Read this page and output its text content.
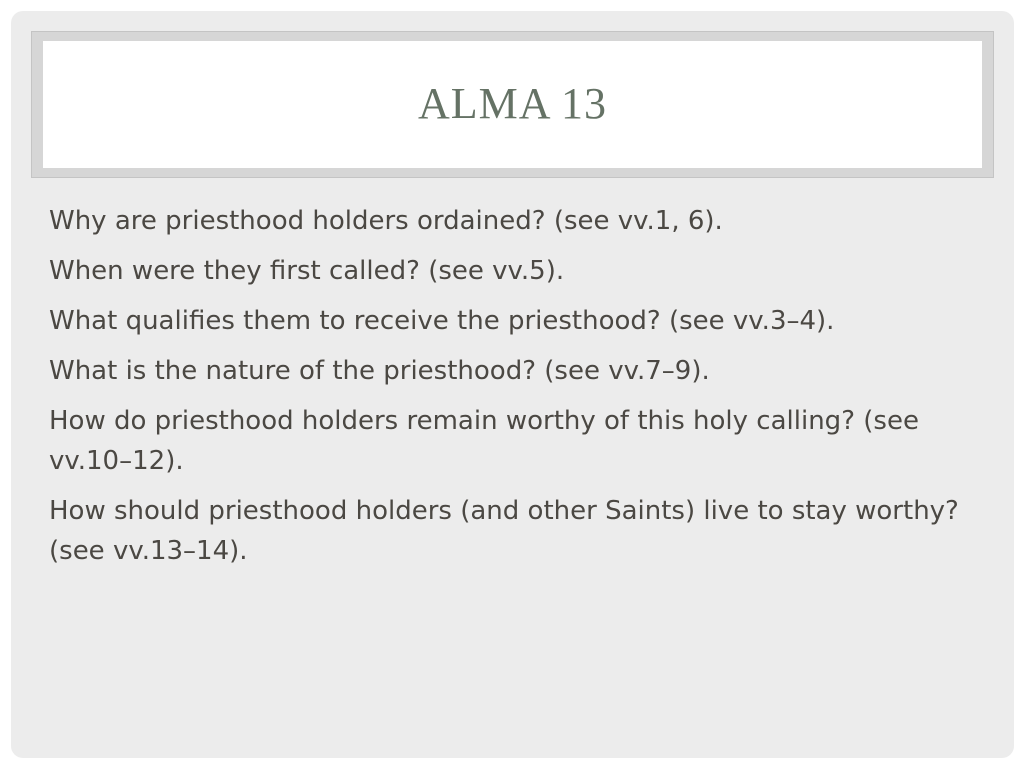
ALMA 13
Why are priesthood holders ordained? (see vv.1, 6).
When were they first called? (see vv.5).
What qualifies them to receive the priesthood? (see vv.3–4).
What is the nature of the priesthood? (see vv.7–9).
How do priesthood holders remain worthy of this holy calling? (see vv.10–12).
How should priesthood holders (and other Saints) live to stay worthy? (see vv.13–14).
